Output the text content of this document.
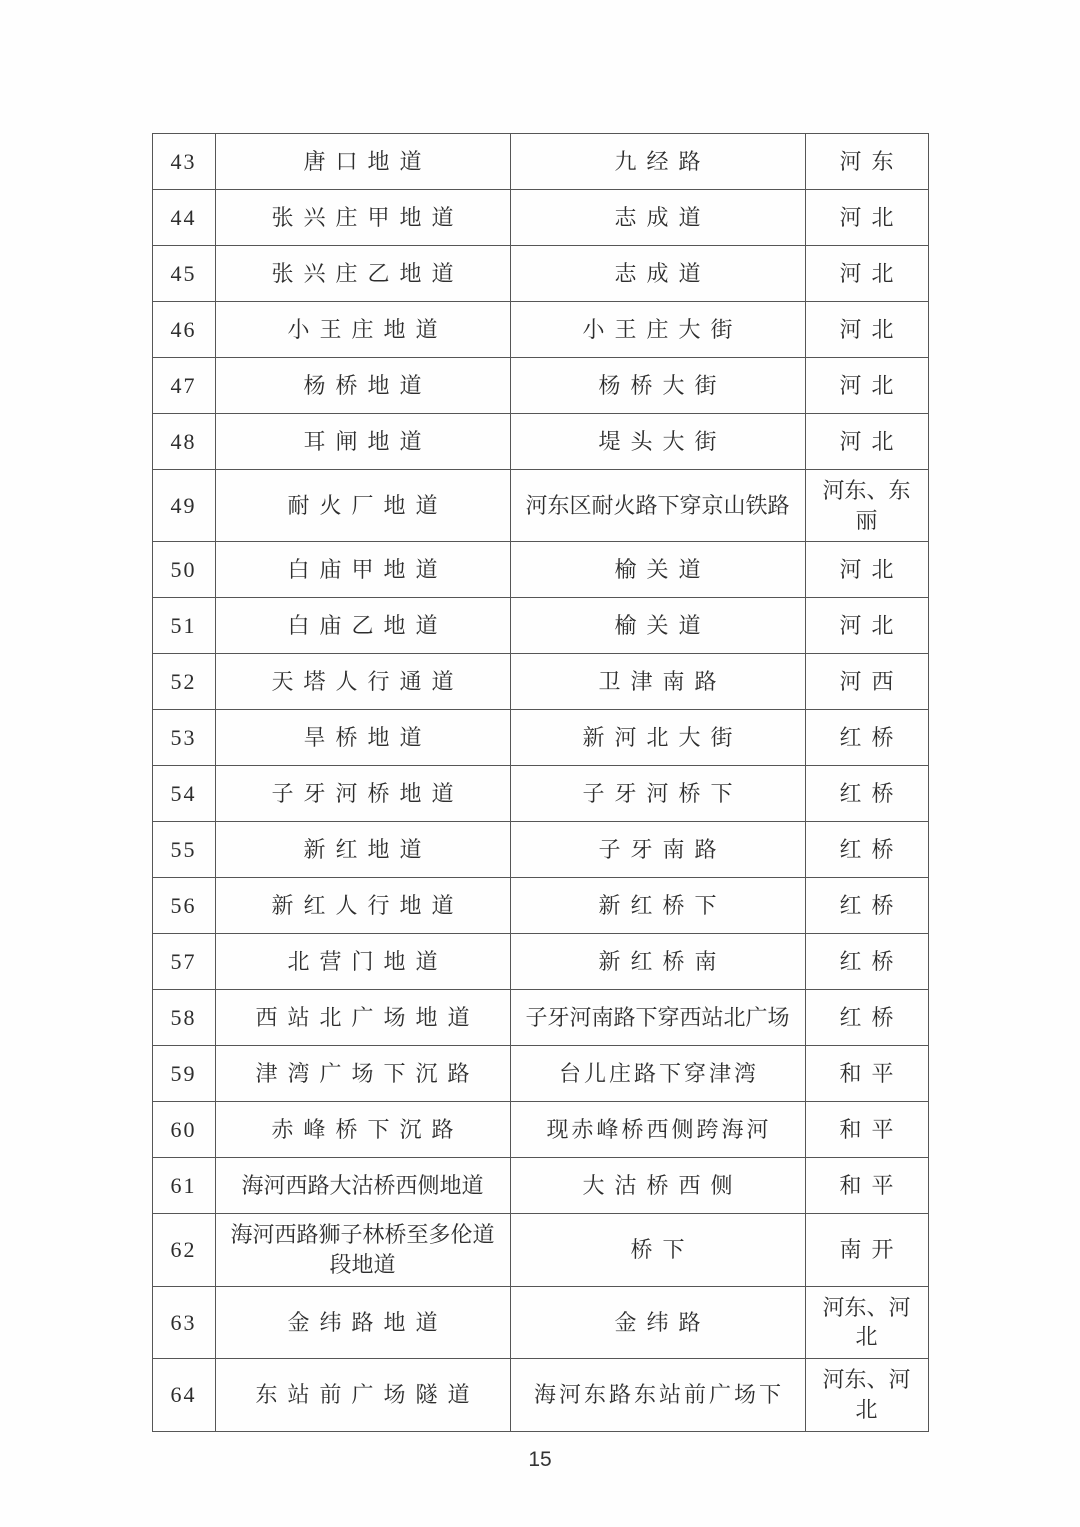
43	唐口地道	九经路	河东
44	张兴庄甲地道	志成道	河北
45	张兴庄乙地道	志成道	河北
46	小王庄地道	小王庄大街	河北
47	杨桥地道	杨桥大街	河北
48	耳闸地道	堤头大街	河北
49	耐火厂地道	河东区耐火路下穿京山铁路	河东、东丽
50	白庙甲地道	榆关道	河北
51	白庙乙地道	榆关道	河北
52	天塔人行通道	卫津南路	河西
53	旱桥地道	新河北大街	红桥
54	子牙河桥地道	子牙河桥下	红桥
55	新红地道	子牙南路	红桥
56	新红人行地道	新红桥下	红桥
57	北营门地道	新红桥南	红桥
58	西站北广场地道	子牙河南路下穿西站北广场	红桥
59	津湾广场下沉路	台儿庄路下穿津湾	和平
60	赤峰桥下沉路	现赤峰桥西侧跨海河	和平
61	海河西路大沽桥西侧地道	大沽桥西侧	和平
62	海河西路狮子林桥至多伦道段地道	桥下	南开
63	金纬路地道	金纬路	河东、河北
64	东站前广场隧道	海河东路东站前广场下	河东、河北
15
